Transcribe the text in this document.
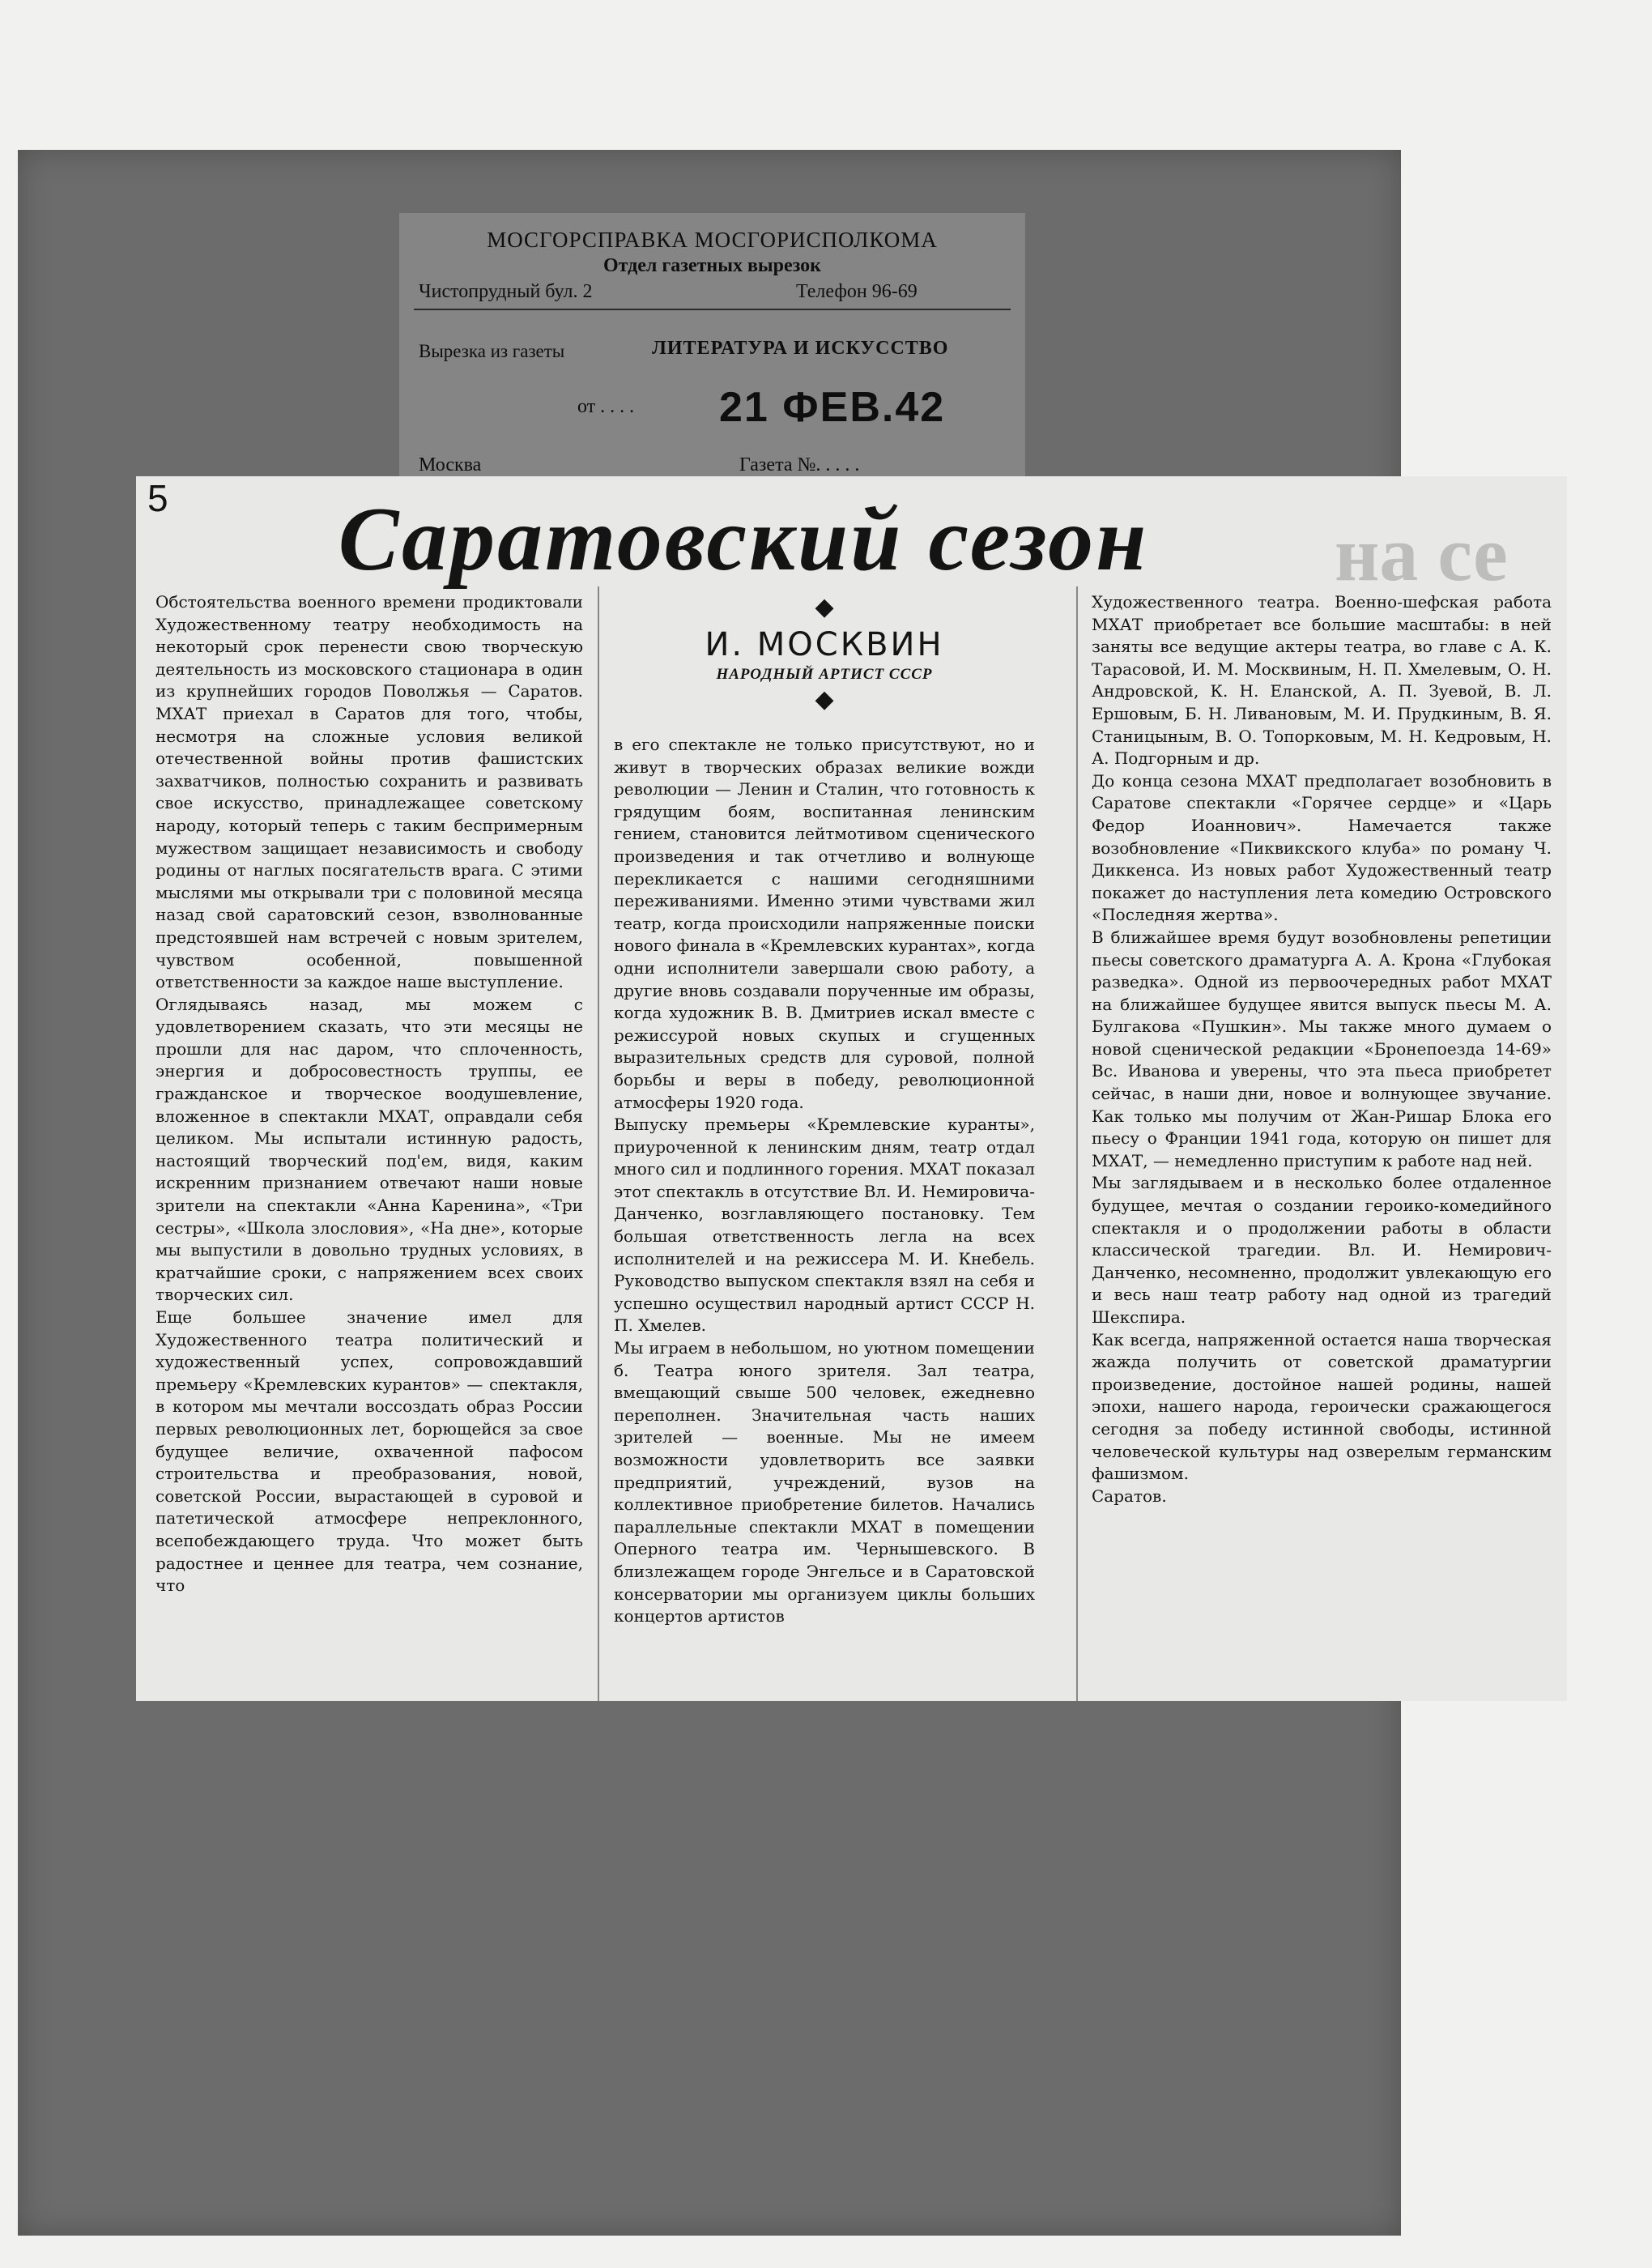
МОСГОРСПРАВКА МОСГОРИСПОЛКОМА
Отдел газетных вырезок
Чистопрудный бул. 2	Телефон 96-69
Вырезка из газеты	ЛИТЕРАТУРА И ИСКУССТВО
от . . . . 21 ФЕВ.42
Москва	Газета №. . . . .
5	Саратовский сезон	на се
Обстоятельства военного времени продиктовали Художественному театру необходимость на некоторый срок перенести свою творческую деятельность из московского стационара в один из крупнейших городов Поволжья — Саратов. МХАТ приехал в Саратов для того, чтобы, несмотря на сложные условия великой отечественной войны против фашистских захватчиков, полностью сохранить и развивать свое искусство, принадлежащее советскому народу, который теперь с таким беспримерным мужеством защищает независимость и свободу родины от наглых посягательств врага. С этими мыслями мы открывали три с половиной месяца назад свой саратовский сезон, взволнованные предстоявшей нам встречей с новым зрителем, чувством особенной, повышенной ответственности за каждое наше выступление.
Оглядываясь назад, мы можем с удовлетворением сказать, что эти месяцы не прошли для нас даром, что сплоченность, энергия и добросовестность труппы, ее гражданское и творческое воодушевление, вложенное в спектакли МХАТ, оправдали себя целиком. Мы испытали истинную радость, настоящий творческий под'ем, видя, каким искренним признанием отвечают наши новые зрители на спектакли «Анна Каренина», «Три сестры», «Школа злословия», «На дне», которые мы выпустили в довольно трудных условиях, в кратчайшие сроки, с напряжением всех своих творческих сил.
Еще большее значение имел для Художественного театра политический и художественный успех, сопровождавший премьеру «Кремлевских курантов» — спектакля, в котором мы мечтали воссоздать образ России первых революционных лет, борющейся за свое будущее величие, охваченной пафосом строительства и преобразования, новой, советской России, вырастающей в суровой и патетической атмосфере непреклонного, всепобеждающего труда. Что может быть радостнее и ценнее для театра, чем сознание, что
◆
И. МОСКВИН
НАРОДНЫЙ АРТИСТ СССР
◆
в его спектакле не только присутствуют, но и живут в творческих образах великие вожди революции — Ленин и Сталин, что готовность к грядущим боям, воспитанная ленинским гением, становится лейтмотивом сценического произведения и так отчетливо и волнующе перекликается с нашими сегодняшними переживаниями. Именно этими чувствами жил театр, когда происходили напряженные поиски нового финала в «Кремлевских курантах», когда одни исполнители завершали свою работу, а другие вновь создавали порученные им образы, когда художник В. В. Дмитриев искал вместе с режиссурой новых скупых и сгущенных выразительных средств для суровой, полной борьбы и веры в победу, революционной атмосферы 1920 года.
Выпуску премьеры «Кремлевские куранты», приуроченной к ленинским дням, театр отдал много сил и подлинного горения. МХАТ показал этот спектакль в отсутствие Вл. И. Немировича-Данченко, возглавляющего постановку. Тем большая ответственность легла на всех исполнителей и на режиссера М. И. Кнебель. Руководство выпуском спектакля взял на себя и успешно осуществил народный артист СССР Н. П. Хмелев.
Мы играем в небольшом, но уютном помещении б. Театра юного зрителя. Зал театра, вмещающий свыше 500 человек, ежедневно переполнен. Значительная часть наших зрителей — военные. Мы не имеем возможности удовлетворить все заявки предприятий, учреждений, вузов на коллективное приобретение билетов. Начались параллельные спектакли МХАТ в помещении Оперного театра им. Чернышевского. В близлежащем городе Энгельсе и в Саратовской консерватории мы организуем циклы больших концертов артистов
Художественного театра. Военно-шефская работа МХАТ приобретает все большие масштабы: в ней заняты все ведущие актеры театра, во главе с А. К. Тарасовой, И. М. Москвиным, Н. П. Хмелевым, О. Н. Андровской, К. Н. Еланской, А. П. Зуевой, В. Л. Ершовым, Б. Н. Ливановым, М. И. Прудкиным, В. Я. Станицыным, В. О. Топорковым, М. Н. Кедровым, Н. А. Подгорным и др.
До конца сезона МХАТ предполагает возобновить в Саратове спектакли «Горячее сердце» и «Царь Федор Иоаннович». Намечается также возобновление «Пиквикского клуба» по роману Ч. Диккенса. Из новых работ Художественный театр покажет до наступления лета комедию Островского «Последняя жертва».
В ближайшее время будут возобновлены репетиции пьесы советского драматурга А. А. Крона «Глубокая разведка». Одной из первоочередных работ МХАТ на ближайшее будущее явится выпуск пьесы М. А. Булгакова «Пушкин». Мы также много думаем о новой сценической редакции «Бронепоезда 14-69» Вс. Иванова и уверены, что эта пьеса приобретет сейчас, в наши дни, новое и волнующее звучание. Как только мы получим от Жан-Ришар Блока его пьесу о Франции 1941 года, которую он пишет для МХАТ, — немедленно приступим к работе над ней.
Мы заглядываем и в несколько более отдаленное будущее, мечтая о создании героико-комедийного спектакля и о продолжении работы в области классической трагедии. Вл. И. Немирович-Данченко, несомненно, продолжит увлекающую его и весь наш театр работу над одной из трагедий Шекспира.
Как всегда, напряженной остается наша творческая жажда получить от советской драматургии произведение, достойное нашей родины, нашей эпохи, нашего народа, героически сражающегося сегодня за победу истинной свободы, истинной человеческой культуры над озверелым германским фашизмом.
Саратов.
